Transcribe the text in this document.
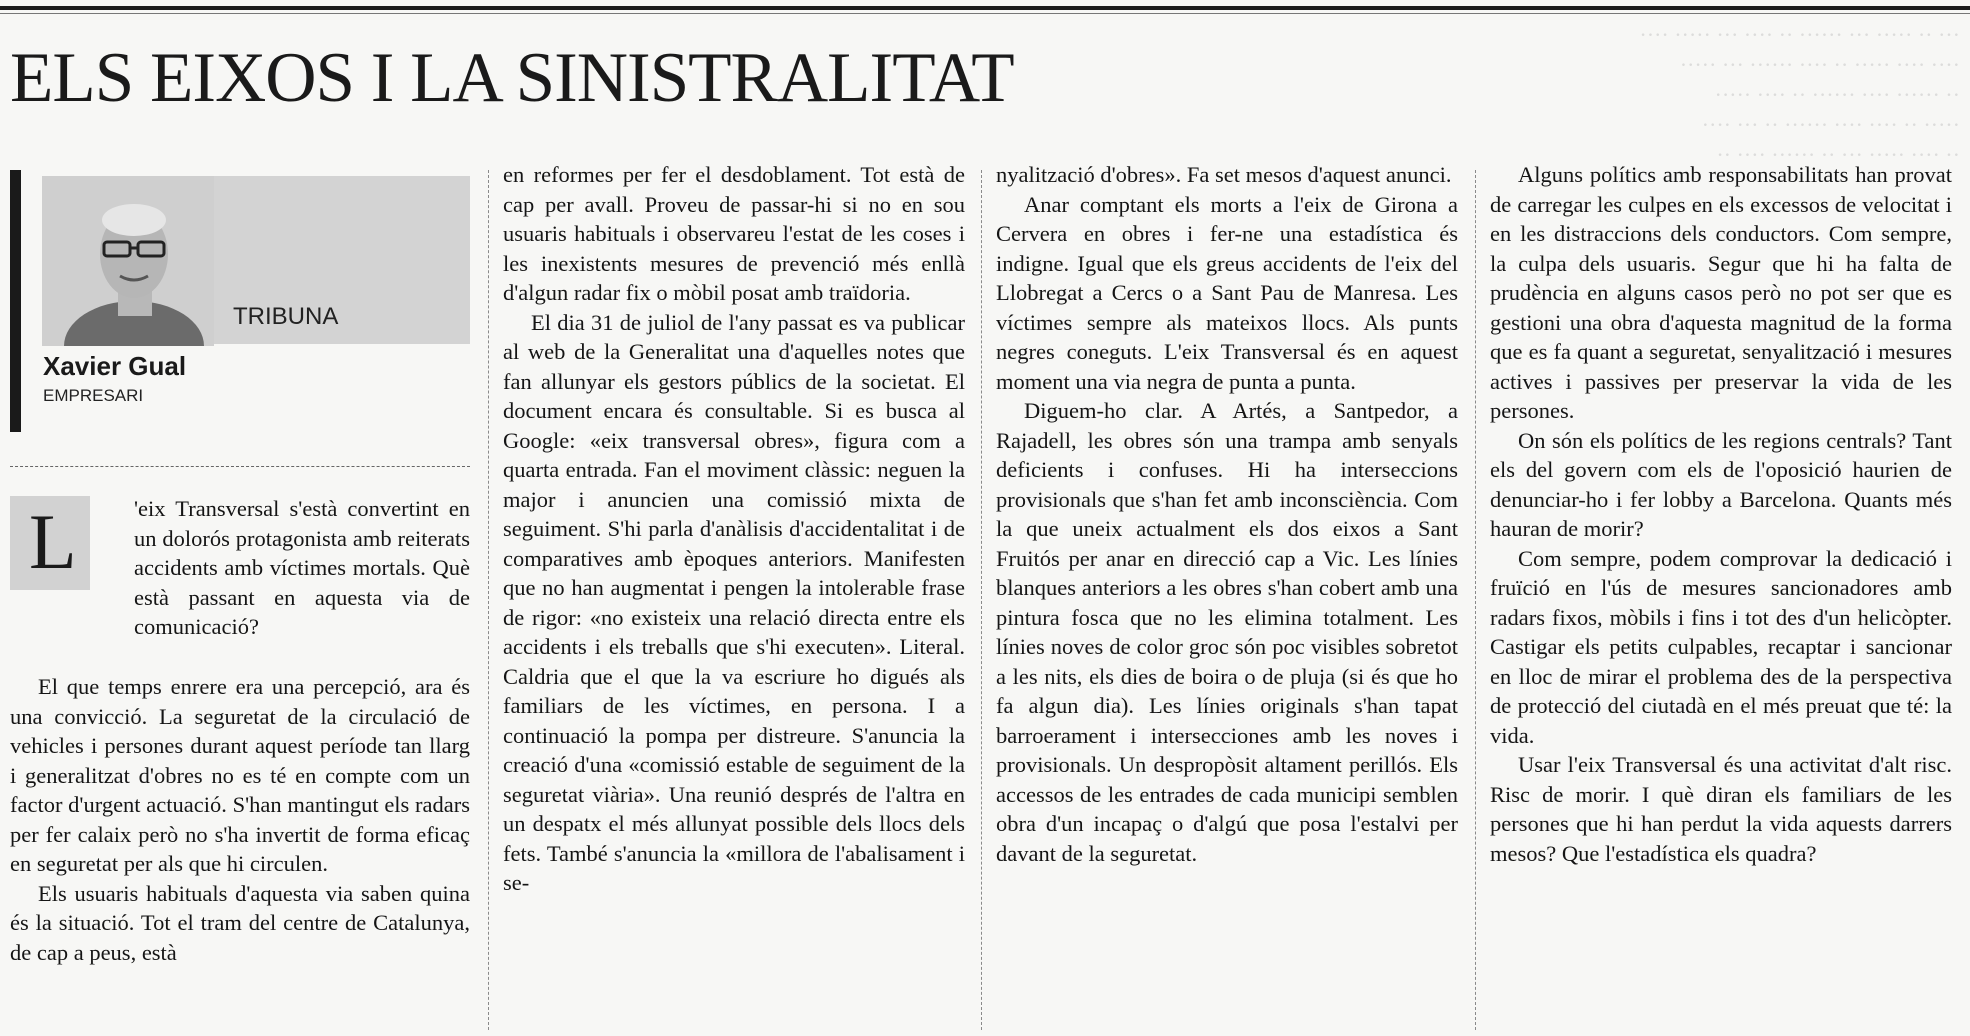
··· ·· ····· ··· ······ ·· ···· ··· ····· ····
···· ···· ····· ·· ···· ······ ··· ·····
·· ······ ···· ······ ·· ···· ·····
····· ·· ···· ···· ······ ·· ··· ····
·· ···· ····· ··· ·· ······ ···· ··
ELS EIXOS I LA SINISTRALITAT
TRIBUNA
Xavier Gual
EMPRESARI
L	'eix Transversal s'està convertint en un dolorós protagonista amb reiterats accidents amb víctimes mortals. Què està passant en aquesta via de comunicació?

El que temps enrere era una percepció, ara és una convicció. La seguretat de la circulació de vehicles i persones durant aquest període tan llarg i generalitzat d'obres no es té en compte com un factor d'urgent actuació. S'han mantingut els radars per fer calaix però no s'ha invertit de forma eficaç en seguretat per als que hi circulen.

Els usuaris habituals d'aquesta via saben quina és la situació. Tot el tram del centre de Catalunya, de cap a peus, està

en reformes per fer el desdoblament. Tot està de cap per avall. Proveu de passar-hi si no en sou usuaris habituals i observareu l'estat de les coses i les inexistents mesures de prevenció més enllà d'algun radar fix o mòbil posat amb traïdoria.

El dia 31 de juliol de l'any passat es va publicar al web de la Generalitat una d'aquelles notes que fan allunyar els gestors públics de la societat. El document encara és consultable. Si es busca al Google: «eix transversal obres», figura com a quarta entrada. Fan el moviment clàssic: neguen la major i anuncien una comissió mixta de seguiment. S'hi parla d'anàlisis d'accidentalitat i de comparatives amb èpoques anteriors. Manifesten que no han augmentat i pengen la intolerable frase de rigor: «no existeix una relació directa entre els accidents i els treballs que s'hi executen». Literal. Caldria que el que la va escriure ho digués als familiars de les víctimes, en persona. I a continuació la pompa per distreure. S'anuncia la creació d'una «comissió estable de seguiment de la seguretat viària». Una reunió després de l'altra en un despatx el més allunyat possible dels llocs dels fets. També s'anuncia la «millora de l'abalisament i se-

nyalització d'obres». Fa set mesos d'aquest anunci.

Anar comptant els morts a l'eix de Girona a Cervera en obres i fer-ne una estadística és indigne. Igual que els greus accidents de l'eix del Llobregat a Cercs o a Sant Pau de Manresa. Les víctimes sempre als mateixos llocs. Als punts negres coneguts. L'eix Transversal és en aquest moment una via negra de punta a punta.

Diguem-ho clar. A Artés, a Santpedor, a Rajadell, les obres són una trampa amb senyals deficients i confuses. Hi ha interseccions provisionals que s'han fet amb inconsciència. Com la que uneix actualment els dos eixos a Sant Fruitós per anar en direcció cap a Vic. Les línies blanques anteriors a les obres s'han cobert amb una pintura fosca que no les elimina totalment. Les línies noves de color groc són poc visibles sobretot a les nits, els dies de boira o de pluja (si és que ho fa algun dia). Les línies originals s'han tapat barroerament i intersecciones amb les noves i provisionals. Un despropòsit altament perillós. Els accessos de les entrades de cada municipi semblen obra d'un incapaç o d'algú que posa l'estalvi per davant de la seguretat.

Alguns polítics amb responsabilitats han provat de carregar les culpes en els excessos de velocitat i en les distraccions dels conductors. Com sempre, la culpa dels usuaris. Segur que hi ha falta de prudència en alguns casos però no pot ser que es gestioni una obra d'aquesta magnitud de la forma que es fa quant a seguretat, senyalització i mesures actives i passives per preservar la vida de les persones.

On són els polítics de les regions centrals? Tant els del govern com els de l'oposició haurien de denunciar-ho i fer lobby a Barcelona. Quants més hauran de morir?

Com sempre, podem comprovar la dedicació i fruïció en l'ús de mesures sancionadores amb radars fixos, mòbils i fins i tot des d'un helicòpter. Castigar els petits culpables, recaptar i sancionar en lloc de mirar el problema des de la perspectiva de protecció del ciutadà en el més preuat que té: la vida.

Usar l'eix Transversal és una activitat d'alt risc. Risc de morir. I què diran els familiars de les persones que hi han perdut la vida aquests darrers mesos? Que l'estadística els quadra?
